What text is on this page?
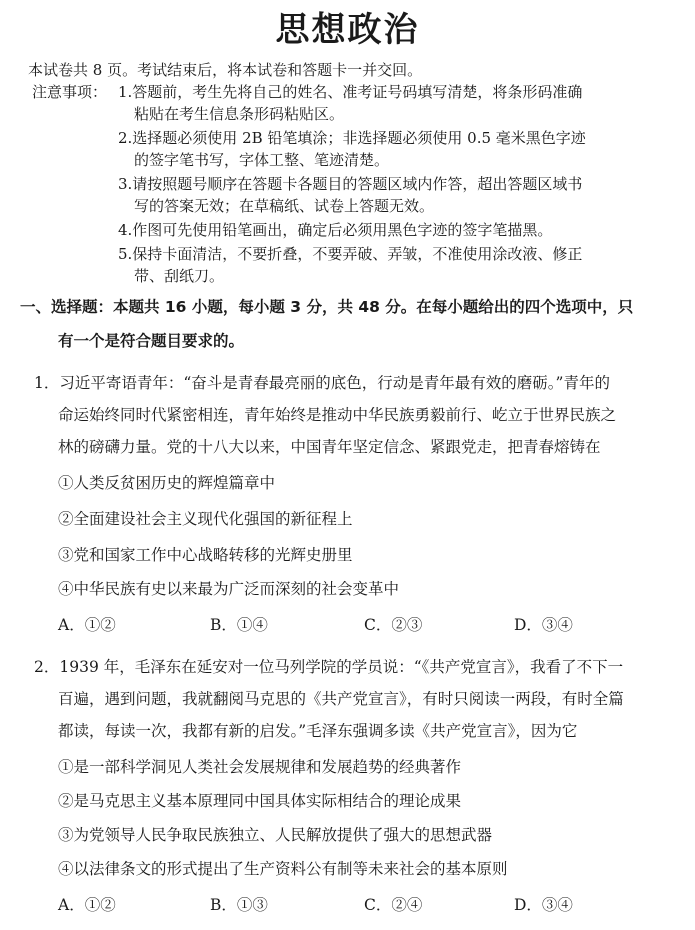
思想政治
本试卷共 8 页。考试结束后，将本试卷和答题卡一并交回。
注意事项： 1.答题前，考生先将自己的姓名、准考证号码填写清楚，将条形码准确
粘贴在考生信息条形码粘贴区。
2.选择题必须使用 2B 铅笔填涂；非选择题必须使用 0.5 毫米黑色字迹
的签字笔书写，字体工整、笔迹清楚。
3.请按照题号顺序在答题卡各题目的答题区域内作答，超出答题区域书
写的答案无效；在草稿纸、试卷上答题无效。
4.作图可先使用铅笔画出，确定后必须用黑色字迹的签字笔描黑。
5.保持卡面清洁，不要折叠，不要弄破、弄皱，不准使用涂改液、修正
带、刮纸刀。
一、选择题：本题共 16 小题，每小题 3 分，共 48 分。在每小题给出的四个选项中，只
有一个是符合题目要求的。
1．习近平寄语青年：“奋斗是青春最亮丽的底色，行动是青年最有效的磨砺。”青年的
命运始终同时代紧密相连，青年始终是推动中华民族勇毅前行、屹立于世界民族之
林的磅礴力量。党的十八大以来，中国青年坚定信念、紧跟党走，把青春熔铸在
①人类反贫困历史的辉煌篇章中
②全面建设社会主义现代化强国的新征程上
③党和国家工作中心战略转移的光辉史册里
④中华民族有史以来最为广泛而深刻的社会变革中
A．①②	B．①④	C．②③	D．③④
2．1939 年，毛泽东在延安对一位马列学院的学员说：“《共产党宣言》，我看了不下一
百遍，遇到问题，我就翻阅马克思的《共产党宣言》，有时只阅读一两段，有时全篇
都读，每读一次，我都有新的启发。”毛泽东强调多读《共产党宣言》，因为它
①是一部科学洞见人类社会发展规律和发展趋势的经典著作
②是马克思主义基本原理同中国具体实际相结合的理论成果
③为党领导人民争取民族独立、人民解放提供了强大的思想武器
④以法律条文的形式提出了生产资料公有制等未来社会的基本原则
A．①②	B．①③	C．②④	D．③④
